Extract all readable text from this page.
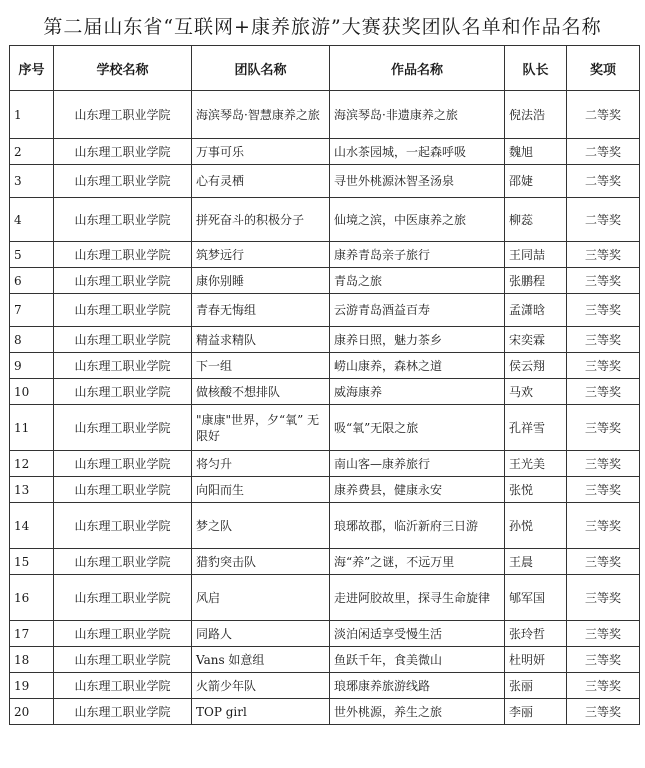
第二届山东省“互联网+康养旅游”大赛获奖团队名单和作品名称
序号	学校名称	团队名称	作品名称	队长	奖项
1	山东理工职业学院	海滨琴岛·智慧康养之旅	海滨琴岛·非遗康养之旅	倪法浩	二等奖
2	山东理工职业学院	万事可乐	山水茶园城，一起森呼吸	魏旭	二等奖
3	山东理工职业学院	心有灵栖	寻世外桃源沐智圣汤泉	邵婕	二等奖
4	山东理工职业学院	拼死奋斗的积极分子	仙境之滨，中医康养之旅	柳蕊	二等奖
5	山东理工职业学院	筑梦远行	康养青岛亲子旅行	王同喆	三等奖
6	山东理工职业学院	康你别睡	青岛之旅	张鹏程	三等奖
7	山东理工职业学院	青春无悔组	云游青岛酒益百寿	孟潇晗	三等奖
8	山东理工职业学院	精益求精队	康养日照，魅力茶乡	宋奕霖	三等奖
9	山东理工职业学院	下一组	崂山康养，森林之道	侯云翔	三等奖
10	山东理工职业学院	做核酸不想排队	威海康养	马欢	三等奖
11	山东理工职业学院	"康康"世界，夕“氧” 无限好	吸“氧”无限之旅	孔祥雪	三等奖
12	山东理工职业学院	将匀升	南山客—康养旅行	王光美	三等奖
13	山东理工职业学院	向阳而生	康养费县，健康永安	张悦	三等奖
14	山东理工职业学院	梦之队	琅琊故郡，临沂新府三日游	孙悦	三等奖
15	山东理工职业学院	猎豹突击队	海“养”之谜，不远万里	王晨	三等奖
16	山东理工职业学院	风启	走进阿胶故里，探寻生命旋律	郇军国	三等奖
17	山东理工职业学院	同路人	淡泊闲适享受慢生活	张玲哲	三等奖
18	山东理工职业学院	Vans 如意组	鱼跃千年，食美微山	杜明妍	三等奖
19	山东理工职业学院	火箭少年队	琅琊康养旅游线路	张丽	三等奖
20	山东理工职业学院	TOP girl	世外桃源，养生之旅	李丽	三等奖
